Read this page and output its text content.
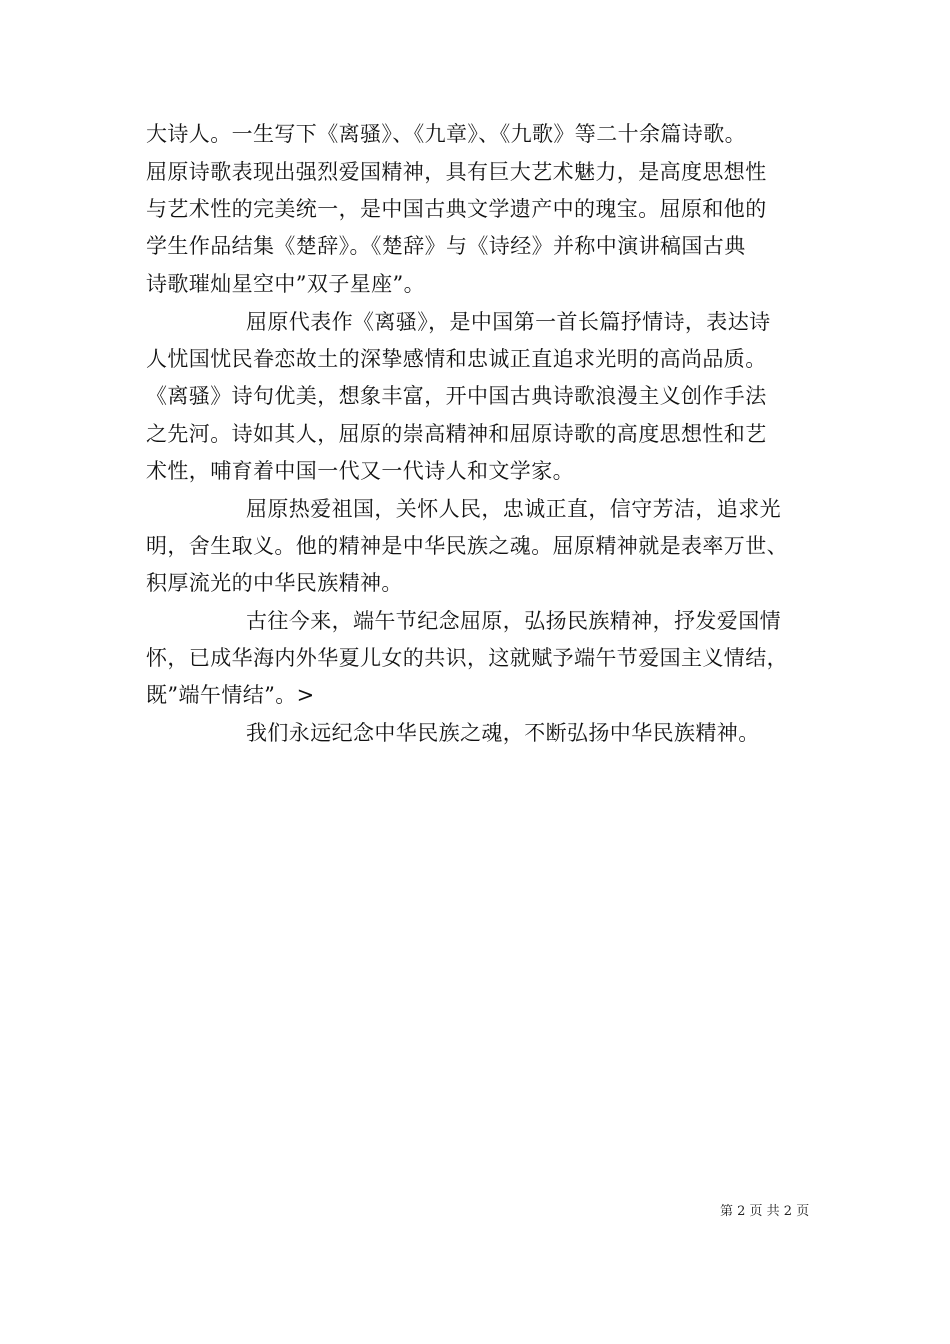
大诗人。一生写下《离骚》、《九章》、《九歌》等二十余篇诗歌。
屈原诗歌表现出强烈爱国精神，具有巨大艺术魅力，是高度思想性
与艺术性的完美统一，是中国古典文学遗产中的瑰宝。屈原和他的
学生作品结集《楚辞》。《楚辞》与《诗经》并称中演讲稿国古典
诗歌璀灿星空中”双子星座”。
屈原代表作《离骚》，是中国第一首长篇抒情诗，表达诗
人忧国忧民眷恋故土的深挚感情和忠诚正直追求光明的高尚品质。
《离骚》诗句优美，想象丰富，开中国古典诗歌浪漫主义创作手法
之先河。诗如其人，屈原的崇高精神和屈原诗歌的高度思想性和艺
术性，哺育着中国一代又一代诗人和文学家。
屈原热爱祖国，关怀人民，忠诚正直，信守芳洁，追求光
明，舍生取义。他的精神是中华民族之魂。屈原精神就是表率万世、
积厚流光的中华民族精神。
古往今来，端午节纪念屈原，弘扬民族精神，抒发爱国情
怀，已成华海内外华夏儿女的共识，这就赋予端午节爱国主义情结，
既”端午情结”。>
我们永远纪念中华民族之魂，不断弘扬中华民族精神。
第 2 页 共 2 页
